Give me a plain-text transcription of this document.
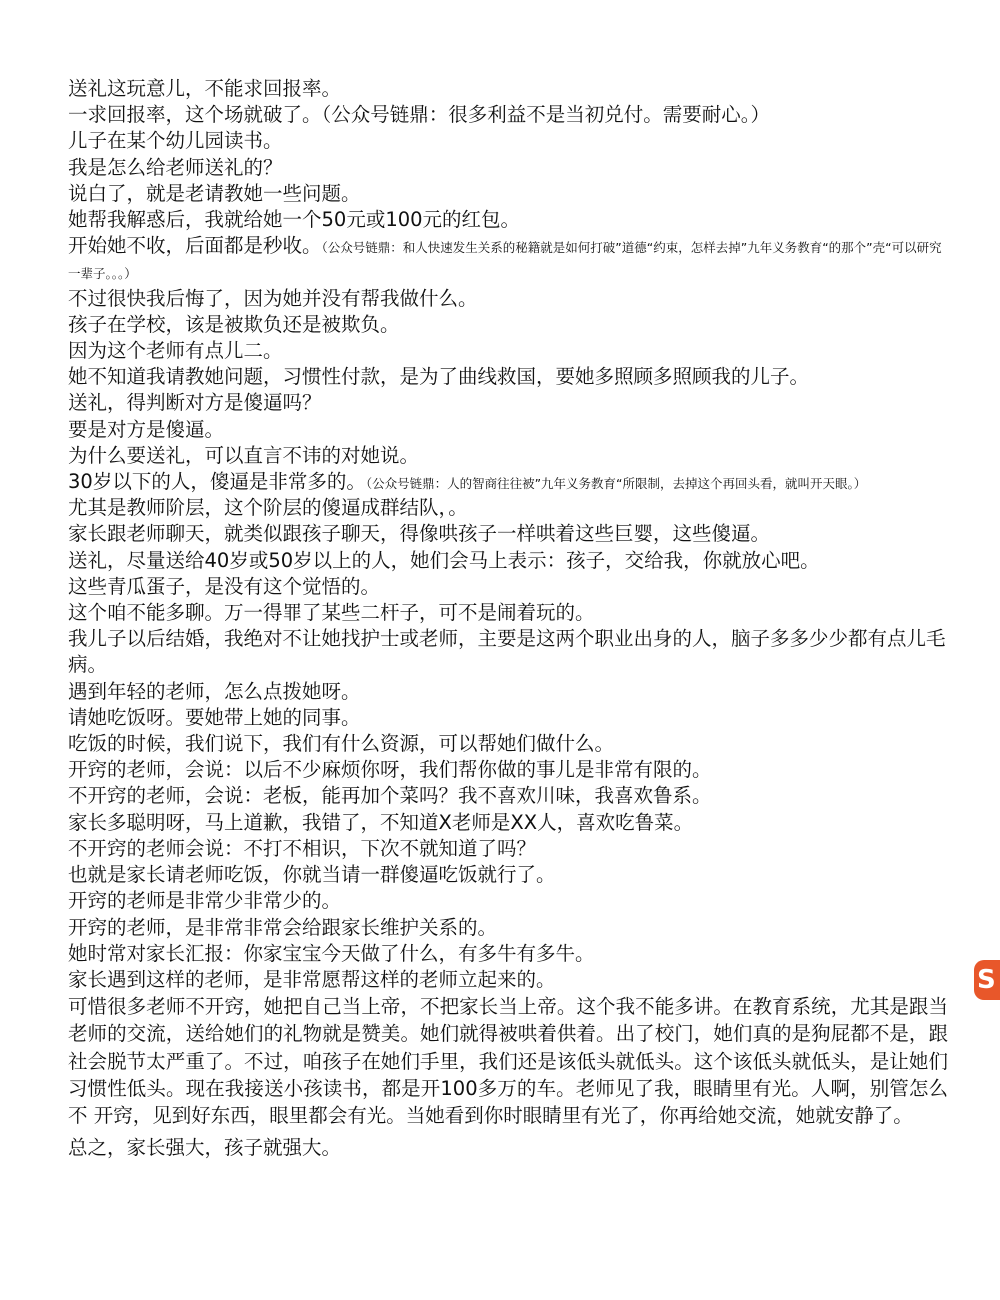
送礼这玩意儿，不能求回报率。

一求回报率，这个场就破了。（公众号链鼎：很多利益不是当初兑付。需要耐心。）

儿子在某个幼儿园读书。

我是怎么给老师送礼的？

说白了，就是老请教她一些问题。

她帮我解惑后，我就给她一个50元或100元的红包。

开始她不收，后面都是秒收。（公众号链鼎：和人快速发生关系的秘籍就是如何打破”道德“约束，怎样去掉”九年义务教育“的那个”壳“可以研究一辈子。。。）

不过很快我后悔了，因为她并没有帮我做什么。

孩子在学校，该是被欺负还是被欺负。

因为这个老师有点儿二。

她不知道我请教她问题，习惯性付款，是为了曲线救国，要她多照顾多照顾我的儿子。

送礼，得判断对方是傻逼吗？

要是对方是傻逼。

为什么要送礼，可以直言不讳的对她说。

30岁以下的人，傻逼是非常多的。（公众号链鼎：人的智商往往被”九年义务教育“所限制，去掉这个再回头看，就叫开天眼。）

尤其是教师阶层，这个阶层的傻逼成群结队，。

家长跟老师聊天，就类似跟孩子聊天，得像哄孩子一样哄着这些巨婴，这些傻逼。

送礼，尽量送给40岁或50岁以上的人，她们会马上表示：孩子，交给我，你就放心吧。

这些青瓜蛋子，是没有这个觉悟的。

这个咱不能多聊。万一得罪了某些二杆子，可不是闹着玩的。

我儿子以后结婚，我绝对不让她找护士或老师，主要是这两个职业出身的人，脑子多多少少都有点儿毛病。

遇到年轻的老师，怎么点拨她呀。

请她吃饭呀。要她带上她的同事。

吃饭的时候，我们说下，我们有什么资源，可以帮她们做什么。

开窍的老师，会说：以后不少麻烦你呀，我们帮你做的事儿是非常有限的。

不开窍的老师，会说：老板，能再加个菜吗？我不喜欢川味，我喜欢鲁系。

家长多聪明呀，马上道歉，我错了，不知道X老师是XX人，喜欢吃鲁菜。

不开窍的老师会说：不打不相识，下次不就知道了吗？

也就是家长请老师吃饭，你就当请一群傻逼吃饭就行了。

开窍的老师是非常少非常少的。

开窍的老师，是非常非常会给跟家长维护关系的。

她时常对家长汇报：你家宝宝今天做了什么，有多牛有多牛。

家长遇到这样的老师，是非常愿帮这样的老师立起来的。

可惜很多老师不开窍，她把自己当上帝，不把家长当上帝。这个我不能多讲。在教育系统，尤其是跟当老师的交流，送给她们的礼物就是赞美。她们就得被哄着供着。出了校门，她们真的是狗屁都不是，跟社会脱节太严重了。不过，咱孩子在她们手里，我们还是该低头就低头。这个该低头就低头，是让她们习惯性低头。现在我接送小孩读书，都是开100多万的车。老师见了我，眼睛里有光。人啊，别管怎么不 开窍，见到好东西，眼里都会有光。当她看到你时眼睛里有光了，你再给她交流，她就安静了。

总之，家长强大，孩子就强大。

S
